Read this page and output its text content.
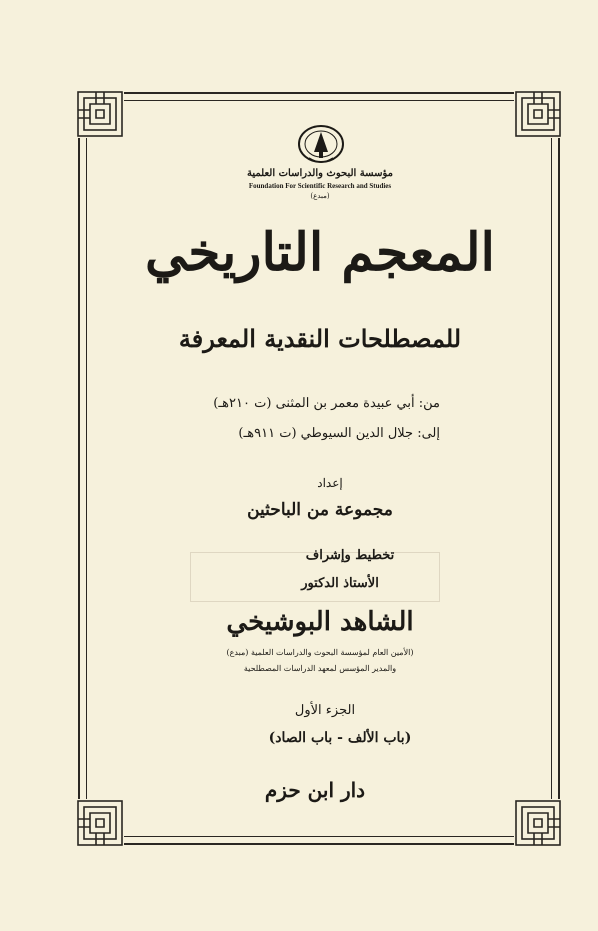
مؤسسة البحوث والدراسات العلمية
Foundation For Scientific Research and Studies
(مبدع)
المعجم التاريخي
للمصطلحات النقدية المعرفة
من: أبي عبيدة معمر بن المثنى (ت ٢١٠هـ)
إلى: جلال الدين السيوطي (ت ٩١١هـ)
إعداد
مجموعة من الباحثين
تخطيط وإشراف
الأستاذ الدكتور
الشاهد البوشيخي
(الأمين العام لمؤسسة البحوث والدراسات العلمية (مبدع)
والمدير المؤسس لمعهد الدراسات المصطلحية
الجزء الأول
(باب الألف - باب الصاد)
دار ابن حزم
